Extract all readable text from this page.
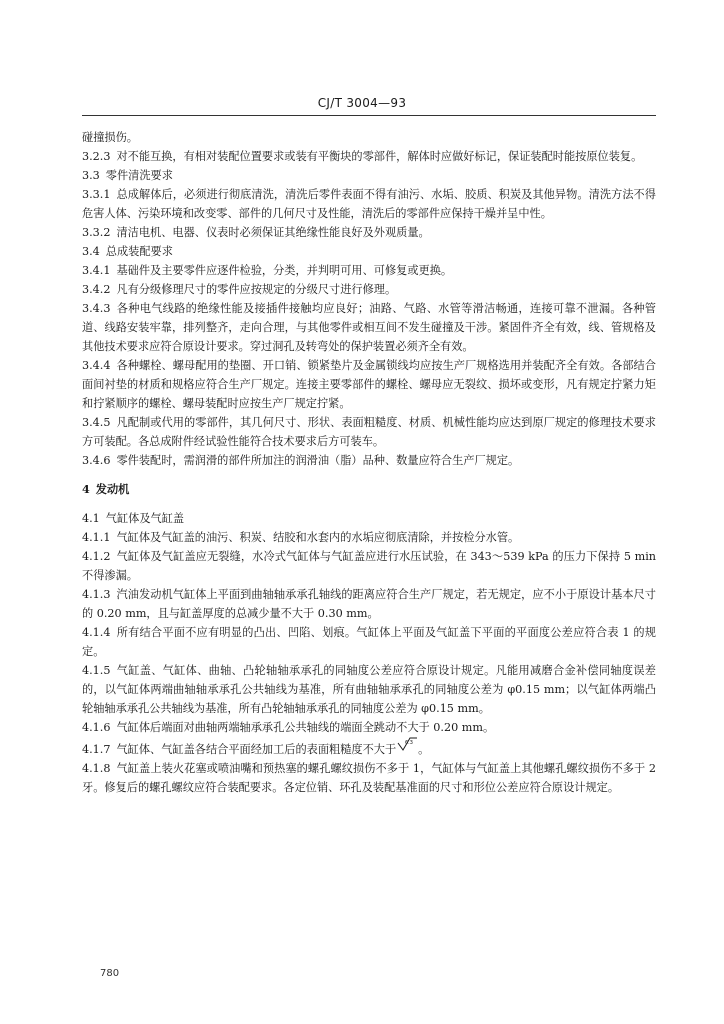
CJ/T 3004—93

碰撞损伤。

3.2.3 对不能互换，有相对装配位置要求或装有平衡块的零部件，解体时应做好标记，保证装配时能按原位装复。

3.3 零件清洗要求

3.3.1 总成解体后，必须进行彻底清洗，清洗后零件表面不得有油污、水垢、胶质、积炭及其他异物。清洗方法不得危害人体、污染环境和改变零、部件的几何尺寸及性能，清洗后的零部件应保持干燥并呈中性。

3.3.2 清洁电机、电器、仪表时必须保证其绝缘性能良好及外观质量。

3.4 总成装配要求

3.4.1 基础件及主要零件应逐件检验，分类，并判明可用、可修复或更换。

3.4.2 凡有分级修理尺寸的零件应按规定的分级尺寸进行修理。

3.4.3 各种电气线路的绝缘性能及接插件接触均应良好；油路、气路、水管等滑洁畅通，连接可靠不泄漏。各种管道、线路安装牢靠，排列整齐，走向合理，与其他零件或相互间不发生碰撞及干涉。紧固件齐全有效，线、管规格及其他技术要求应符合原设计要求。穿过洞孔及转弯处的保护装置必须齐全有效。

3.4.4 各种螺栓、螺母配用的垫圈、开口销、锁紧垫片及金属锁线均应按生产厂规格选用并装配齐全有效。各部结合面间衬垫的材质和规格应符合生产厂规定。连接主要零部件的螺栓、螺母应无裂纹、损坏或变形，凡有规定拧紧力矩和拧紧顺序的螺栓、螺母装配时应按生产厂规定拧紧。

3.4.5 凡配制或代用的零部件，其几何尺寸、形状、表面粗糙度、材质、机械性能均应达到原厂规定的修理技术要求方可装配。各总成附件经试验性能符合技术要求后方可装车。

3.4.6 零件装配时，需润滑的部件所加注的润滑油（脂）品种、数量应符合生产厂规定。

4 发动机

4.1 气缸体及气缸盖

4.1.1 气缸体及气缸盖的油污、积炭、结胶和水套内的水垢应彻底清除，并按检分水管。

4.1.2 气缸体及气缸盖应无裂缝，水冷式气缸体与气缸盖应进行水压试验，在 343～539 kPa 的压力下保持 5 min 不得渗漏。

4.1.3 汽油发动机气缸体上平面到曲轴轴承承孔轴线的距离应符合生产厂规定，若无规定，应不小于原设计基本尺寸的 0.20 mm，且与缸盖厚度的总减少量不大于 0.30 mm。

4.1.4 所有结合平面不应有明显的凸出、凹陷、划痕。气缸体上平面及气缸盖下平面的平面度公差应符合表 1 的规定。

4.1.5 气缸盖、气缸体、曲轴、凸轮轴轴承承孔的同轴度公差应符合原设计规定。凡能用减磨合金补偿同轴度误差的，以气缸体两端曲轴轴承承孔公共轴线为基准，所有曲轴轴承承孔的同轴度公差为 φ0.15 mm；以气缸体两端凸轮轴轴承承孔公共轴线为基准，所有凸轮轴轴承承孔的同轴度公差为 φ0.15 mm。

4.1.6 气缸体后端面对曲轴两端轴承承孔公共轴线的端面全跳动不大于 0.20 mm。

4.1.7 气缸体、气缸盖各结合平面经加工后的表面粗糙度不大于 6.3 。

4.1.8 气缸盖上装火花塞或喷油嘴和预热塞的螺孔螺纹损伤不多于 1，气缸体与气缸盖上其他螺孔螺纹损伤不多于 2 牙。修复后的螺孔螺纹应符合装配要求。各定位销、环孔及装配基准面的尺寸和形位公差应符合原设计规定。

780
